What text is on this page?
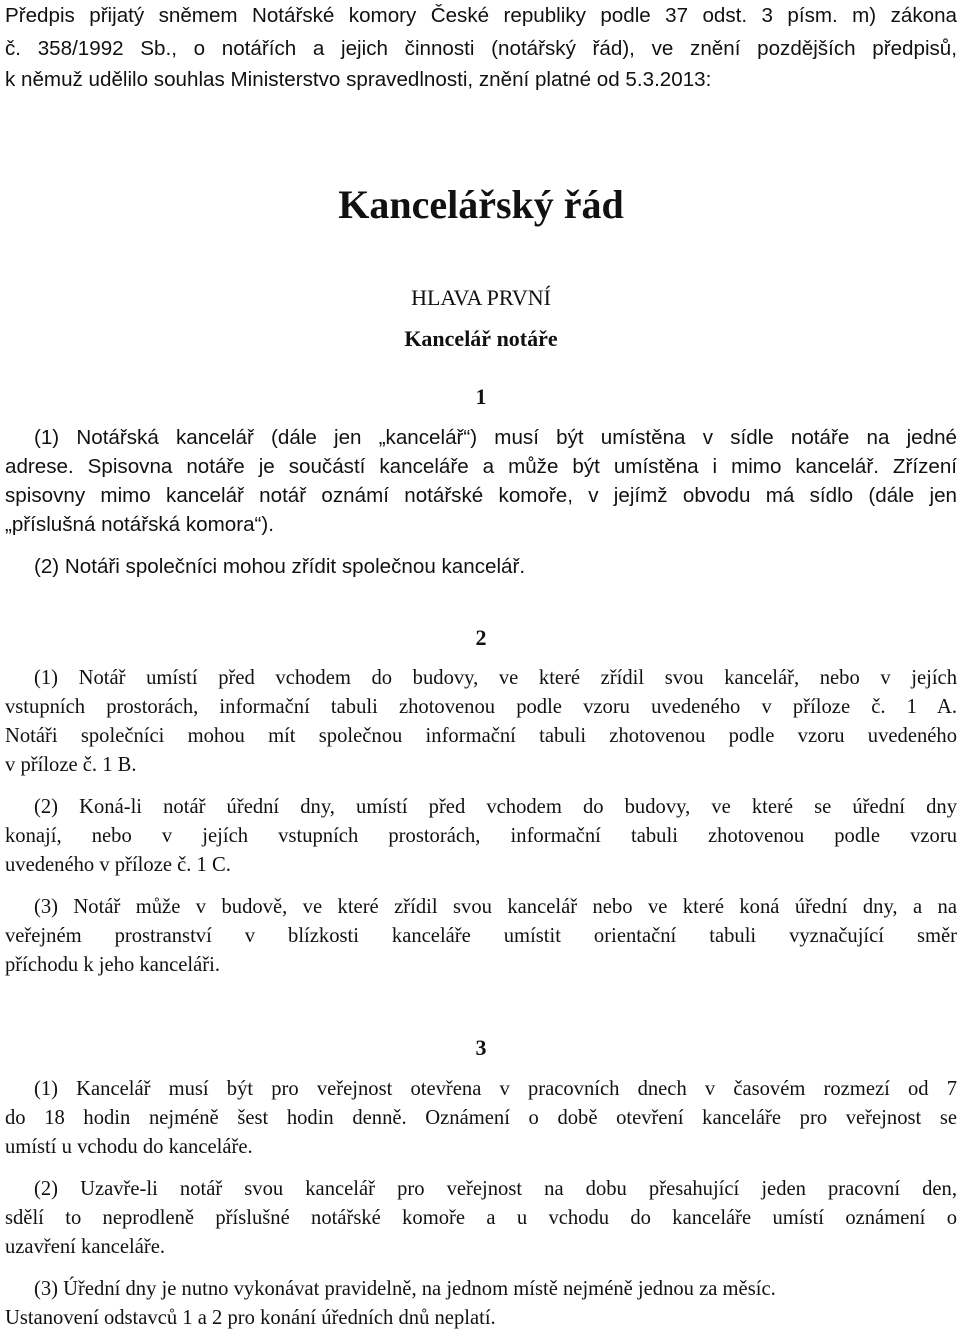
Předpis přijatý sněmem Notářské komory České republiky podle 37 odst. 3 písm. m) zákona
č. 358/1992 Sb., o notářích a jejich činnosti (notářský řád), ve znění pozdějších předpisů,
k němuž udělilo souhlas Ministerstvo spravedlnosti, znění platné od 5.3.2013:
Kancelářský řád
HLAVA PRVNÍ
Kancelář notáře
1
(1) Notářská kancelář (dále jen „kancelář“) musí být umístěna v sídle notáře na jedné
adrese. Spisovna notáře je součástí kanceláře a může být umístěna i mimo kancelář. Zřízení
spisovny mimo kancelář notář oznámí notářské komoře, v jejímž obvodu má sídlo (dále jen
„příslušná notářská komora“).
(2) Notáři společníci mohou zřídit společnou kancelář.
2
(1) Notář umístí před vchodem do budovy, ve které zřídil svou kancelář, nebo v jejích
vstupních prostorách, informační tabuli zhotovenou podle vzoru uvedeného v příloze č. 1 A.
Notáři společníci mohou mít společnou informační tabuli zhotovenou podle vzoru uvedeného
v příloze č. 1 B.
(2) Koná-li notář úřední dny, umístí před vchodem do budovy, ve které se úřední dny
konají, nebo v jejích vstupních prostorách, informační tabuli zhotovenou podle vzoru
uvedeného v příloze č. 1 C.
(3) Notář může v budově, ve které zřídil svou kancelář nebo ve které koná úřední dny, a na
veřejném prostranství v blízkosti kanceláře umístit orientační tabuli vyznačující směr
příchodu k jeho kanceláři.
3
(1) Kancelář musí být pro veřejnost otevřena v pracovních dnech v časovém rozmezí od 7
do 18 hodin nejméně šest hodin denně. Oznámení o době otevření kanceláře pro veřejnost se
umístí u vchodu do kanceláře.
(2) Uzavře-li notář svou kancelář pro veřejnost na dobu přesahující jeden pracovní den,
sdělí to neprodleně příslušné notářské komoře a u vchodu do kanceláře umístí oznámení o
uzavření kanceláře.
(3) Úřední dny je nutno vykonávat pravidelně, na jednom místě nejméně jednou za měsíc.
Ustanovení odstavců 1 a 2 pro konání úředních dnů neplatí.
